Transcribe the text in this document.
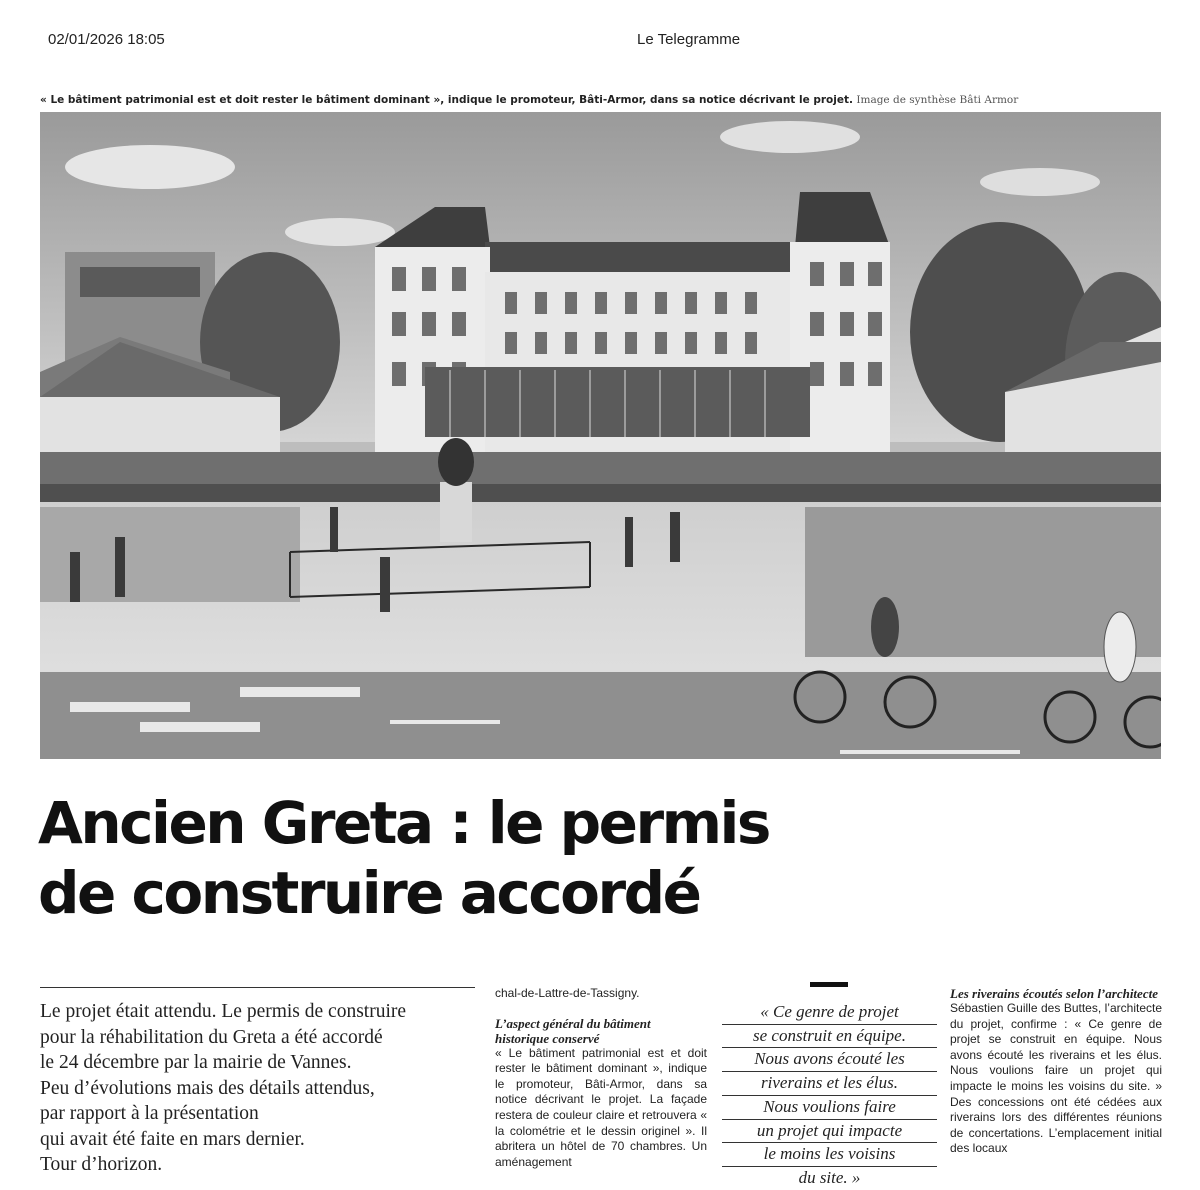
02/01/2026 18:05	Le Telegramme
« Le bâtiment patrimonial est et doit rester le bâtiment dominant », indique le promoteur, Bâti-Armor, dans sa notice décrivant le projet. Image de synthèse Bâti Armor
Ancien Greta : le permis
de construire accordé
Le projet était attendu. Le permis de construire
pour la réhabilitation du Greta a été accordé
le 24 décembre par la mairie de Vannes.
Peu d’évolutions mais des détails attendus,
par rapport à la présentation
qui avait été faite en mars dernier.
Tour d’horizon.

chal-de-Lattre-de-Tassigny.

L’aspect général du bâtiment historique conservé

« Le bâtiment patrimonial est et doit rester le bâtiment dominant », indique le promoteur, Bâti-Armor, dans sa notice décrivant le projet. La façade restera de couleur claire et retrouvera « la colométrie et le dessin originel ». Il abritera un hôtel de 70 chambres. Un aménagement

« Ce genre de projet
se construit en équipe.
Nous avons écouté les
riverains et les élus.
Nous voulions faire
un projet qui impacte
le moins les voisins
du site. »

Les riverains écoutés selon l’architecte

Sébastien Guille des Buttes, l’architecte du projet, confirme : « Ce genre de projet se construit en équipe. Nous avons écouté les riverains et les élus. Nous voulions faire un projet qui impacte le moins les voisins du site. » Des concessions ont été cédées aux riverains lors des différentes réunions de concertations. L’emplacement initial des locaux
